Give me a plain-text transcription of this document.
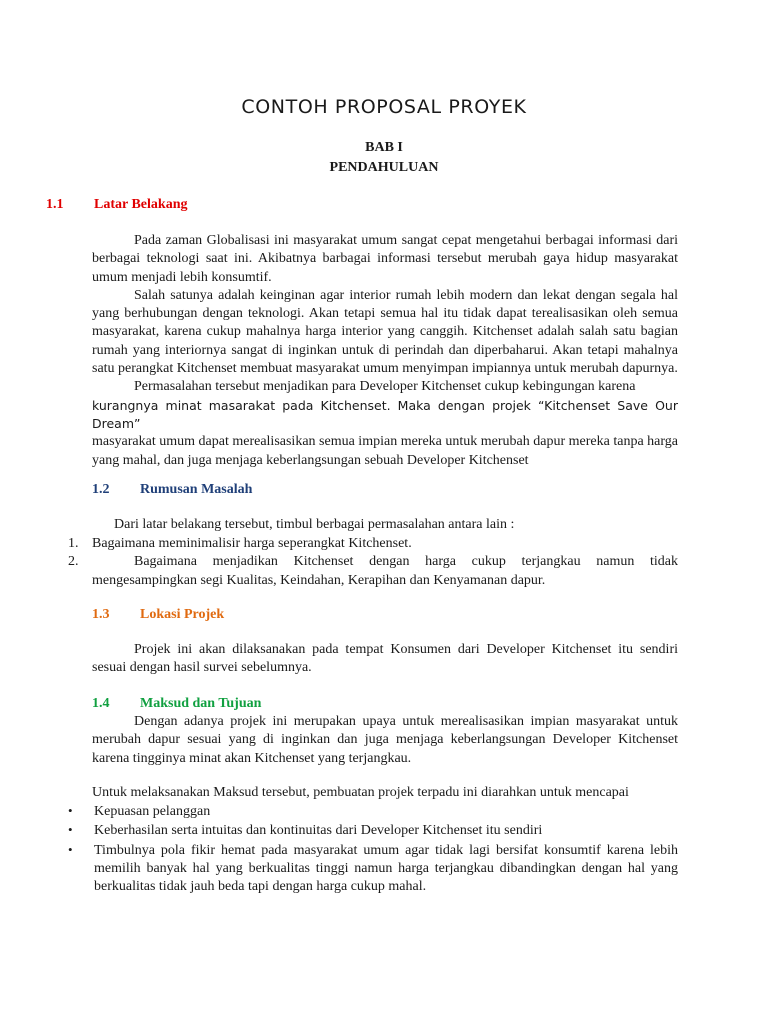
CONTOH PROPOSAL PROYEK
BAB I
PENDAHULUAN
1.1 Latar Belakang

Pada zaman Globalisasi ini masyarakat umum sangat cepat mengetahui berbagai informasi dari berbagai teknologi saat ini. Akibatnya barbagai informasi tersebut merubah gaya hidup masyarakat umum menjadi lebih konsumtif.

Salah satunya adalah keinginan agar interior rumah lebih modern dan lekat dengan segala hal yang berhubungan dengan teknologi. Akan tetapi semua hal itu tidak dapat terealisasikan oleh semua masyarakat, karena cukup mahalnya harga interior yang canggih. Kitchenset adalah salah satu bagian rumah yang interiornya sangat di inginkan untuk di perindah dan diperbaharui. Akan tetapi mahalnya satu perangkat Kitchenset membuat masyarakat umum menyimpan impiannya untuk merubah dapurnya.

Permasalahan tersebut menjadikan para Developer Kitchenset cukup kebingungan karena

kurangnya minat masarakat pada Kitchenset. Maka dengan projek “Kitchenset Save Our Dream”

masyarakat umum dapat merealisasikan semua impian mereka untuk merubah dapur mereka tanpa harga yang mahal, dan juga menjaga keberlangsungan sebuah Developer Kitchenset

1.2 Rumusan Masalah
Dari latar belakang tersebut, timbul berbagai permasalahan antara lain :
1. Bagaimana meminimalisir harga seperangkat Kitchenset.
2.	Bagaimana menjadikan Kitchenset dengan harga cukup terjangkau namun tidak mengesampingkan segi Kualitas, Keindahan, Kerapihan dan Kenyamanan dapur.
1.3 Lokasi Projek

Projek ini akan dilaksanakan pada tempat Konsumen dari Developer Kitchenset itu sendiri sesuai dengan hasil survei sebelumnya.

1.4 Maksud dan Tujuan

Dengan adanya projek ini merupakan upaya untuk merealisasikan impian masyarakat untuk merubah dapur sesuai yang di inginkan dan juga menjaga keberlangsungan Developer Kitchenset karena tingginya minat akan Kitchenset yang terjangkau.

Untuk melaksanakan Maksud tersebut, pembuatan projek terpadu ini diarahkan untuk mencapai
• Kepuasan pelanggan
• Keberhasilan serta intuitas dan kontinuitas dari Developer Kitchenset itu sendiri
• Timbulnya pola fikir hemat pada masyarakat umum agar tidak lagi bersifat konsumtif karena lebih memilih banyak hal yang berkualitas tinggi namun harga terjangkau dibandingkan dengan hal yang berkualitas tidak jauh beda tapi dengan harga cukup mahal.
